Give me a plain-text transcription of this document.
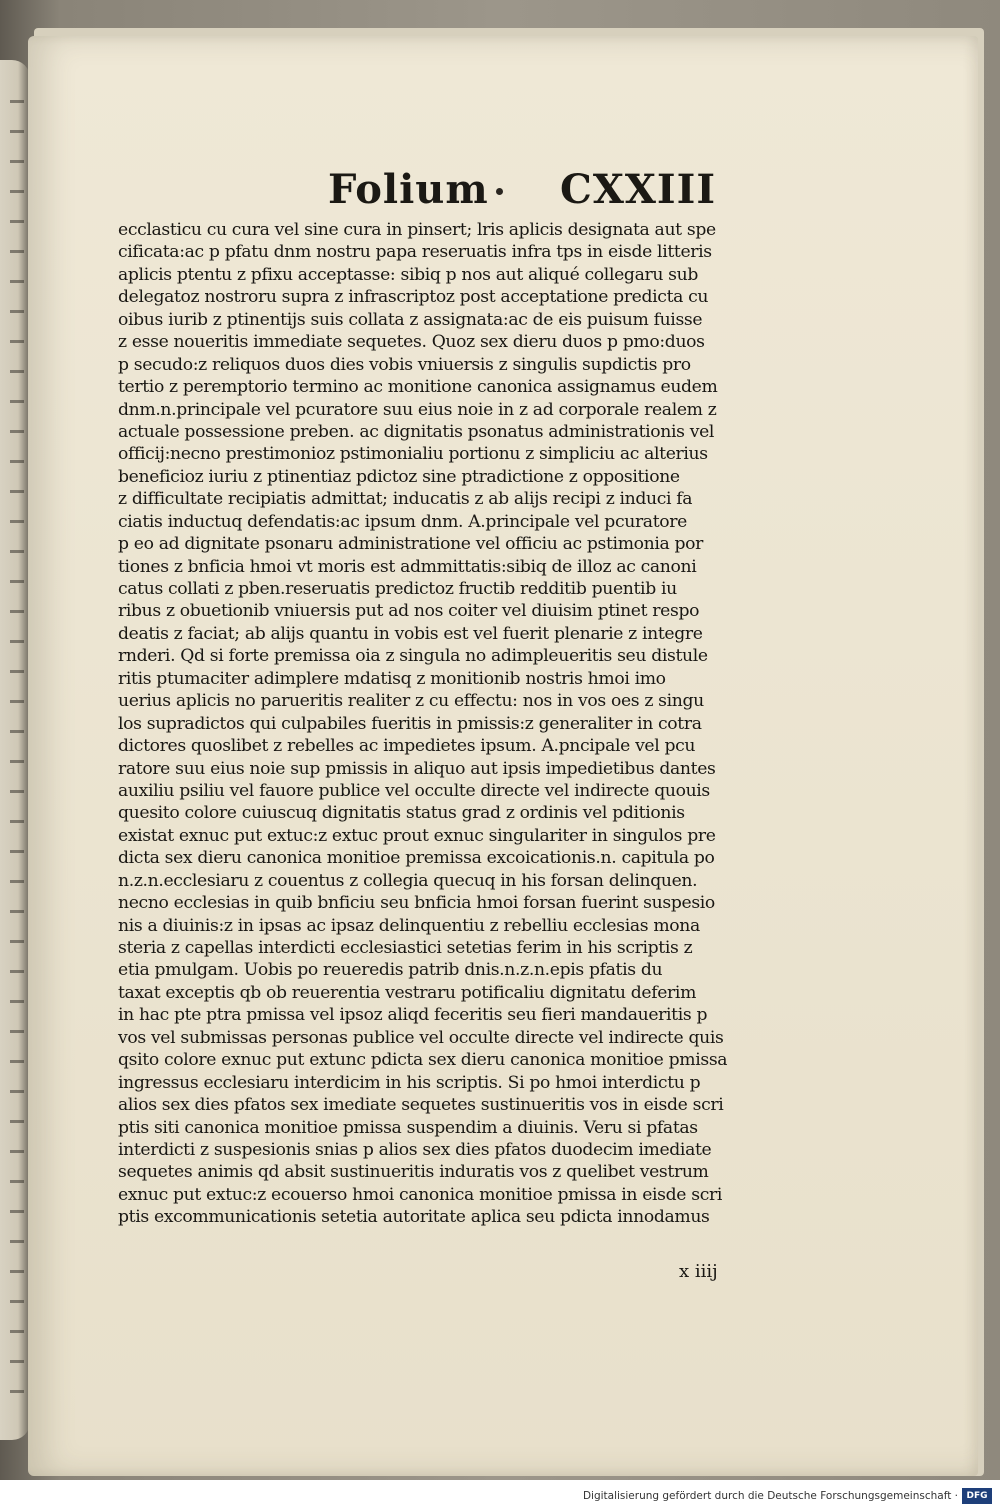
Folium CXXIII
ecclasticu cu cura vel sine cura in pinsert; lris aplicis designata aut spe
cificata:ac p pfatu dnm nostru papa reseruatis infra tps in eisde litteris
aplicis ptentu z pfixu acceptasse: sibiq p nos aut aliqué collegaru sub
delegatoz nostroru supra z infrascriptoz post acceptatione predicta cu
oibus iurib z ptinentijs suis collata z assignata:ac de eis puisum fuisse
z esse noueritis immediate sequetes. Quoz sex dieru duos p pmo:duos
p secudo:z reliquos duos dies vobis vniuersis z singulis supdictis pro
tertio z peremptorio termino ac monitione canonica assignamus eudem
dnm.n.principale vel pcuratore suu eius noie in z ad corporale realem z
actuale possessione preben. ac dignitatis psonatus administrationis vel
officij:necno prestimonioz pstimonialiu portionu z simpliciu ac alterius
beneficioz iuriu z ptinentiaz pdictoz sine ptradictione z oppositione
z difficultate recipiatis admittat; inducatis z ab alijs recipi z induci fa
ciatis inductuq defendatis:ac ipsum dnm. A.principale vel pcuratore
p eo ad dignitate psonaru administratione vel officiu ac pstimonia por
tiones z bnficia hmoi vt moris est admmittatis:sibiq de illoz ac canoni
catus collati z pben.reseruatis predictoz fructib redditib puentib iu
ribus z obuetionib vniuersis put ad nos coiter vel diuisim ptinet respo
deatis z faciat; ab alijs quantu in vobis est vel fuerit plenarie z integre
rnderi. Qd si forte premissa oia z singula no adimpleueritis seu distule
ritis ptumaciter adimplere mdatisq z monitionib nostris hmoi imo
uerius aplicis no parueritis realiter z cu effectu: nos in vos oes z singu
los supradictos qui culpabiles fueritis in pmissis:z generaliter in cotra
dictores quoslibet z rebelles ac impedietes ipsum. A.pncipale vel pcu
ratore suu eius noie sup pmissis in aliquo aut ipsis impedietibus dantes
auxiliu psiliu vel fauore publice vel occulte directe vel indirecte quouis
quesito colore cuiuscuq dignitatis status grad z ordinis vel pditionis
existat exnuc put extuc:z extuc prout exnuc singulariter in singulos pre
dicta sex dieru canonica monitioe premissa excoicationis.n. capitula po
n.z.n.ecclesiaru z couentus z collegia quecuq in his forsan delinquen.
necno ecclesias in quib bnficiu seu bnficia hmoi forsan fuerint suspesio
nis a diuinis:z in ipsas ac ipsaz delinquentiu z rebelliu ecclesias mona
steria z capellas interdicti ecclesiastici setetias ferim in his scriptis z
etia pmulgam. Uobis po reueredis patrib dnis.n.z.n.epis pfatis du
taxat exceptis qb ob reuerentia vestraru potificaliu dignitatu deferim
in hac pte ptra pmissa vel ipsoz aliqd feceritis seu fieri mandaueritis p
vos vel submissas personas publice vel occulte directe vel indirecte quis
qsito colore exnuc put extunc pdicta sex dieru canonica monitioe pmissa
ingressus ecclesiaru interdicim in his scriptis. Si po hmoi interdictu p
alios sex dies pfatos sex imediate sequetes sustinueritis vos in eisde scri
ptis siti canonica monitioe pmissa suspendim a diuinis. Veru si pfatas
interdicti z suspesionis snias p alios sex dies pfatos duodecim imediate
sequetes animis qd absit sustinueritis induratis vos z quelibet vestrum
exnuc put extuc:z ecouerso hmoi canonica monitioe pmissa in eisde scri
ptis excommunicationis setetia autoritate aplica seu pdicta innodamus
x iiij
Digitalisierung gefördert durch die Deutsche Forschungsgemeinschaft · DFG
